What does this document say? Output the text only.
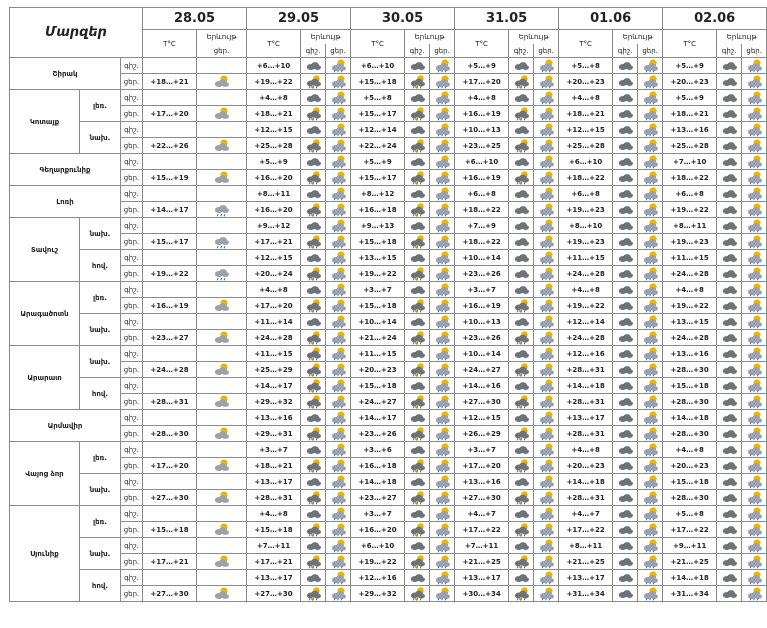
Մարզեր			28.05		29.05			30.05			31.05			01.06			02.06		
			T°C	Երևույթ	T°C	Երևույթ		T°C	Երևույթ		T°C	Երևույթ		T°C	Երևույթ		T°C	Երևույթ	
				ցեր.		գիշ.	ցեր.		գիշ.	ցեր.		գիշ.	ցեր.		գիշ.	ցեր.		գիշ.	ցեր.
Շիրակ		գիշ.			+6…+10			+6…+10			+5…+9			+5…+8			+5…+9	

		ցեր.	+18…+21		+19…+22			+15…+18			+17…+20			+20…+23			+20…+23	

Կոտայք	լեռ.	գիշ.			+4…+8			+5…+8			+4…+8			+4…+8			+5…+9	

		ցեր.	+17…+20		+18…+21			+15…+17			+16…+19			+18…+21			+18…+21	

	նախ.	գիշ.			+12…+15			+12…+14			+10…+13			+12…+15			+13…+16	

		ցեր.	+22…+26		+25…+28			+22…+24			+23…+25			+25…+28			+25…+28	

Գեղարքունիք		գիշ.			+5…+9			+5…+9			+6…+10			+6…+10			+7…+10	

		ցեր.	+15…+19		+16…+20			+15…+17			+16…+19			+18…+22			+18…+22	

Լոռի		գիշ.			+8…+11			+8…+12			+6…+8			+6…+8			+6…+8	

		ցեր.	+14…+17		+16…+20			+16…+18			+18…+22			+19…+23			+19…+22	

Տավուշ	նախ.	գիշ.			+9…+12			+9…+13			+7…+9			+8…+10			+8…+11	

		ցեր.	+15…+17		+17…+21			+15…+18			+18…+22			+19…+23			+19…+23	

	հով.	գիշ.			+12…+15			+13…+15			+10…+14			+11…+15			+11…+15	

		ցեր.	+19…+22		+20…+24			+19…+22			+23…+26			+24…+28			+24…+28	

Արագածոտն	լեռ.	գիշ.			+4…+8			+3…+7			+3…+7			+4…+8			+4…+8	

		ցեր.	+16…+19		+17…+20			+15…+18			+16…+19			+19…+22			+19…+22	

	նախ.	գիշ.			+11…+14			+10…+14			+10…+13			+12…+14			+13…+15	

		ցեր.	+23…+27		+24…+28			+21…+24			+23…+26			+24…+28			+24…+28	

Արարատ	նախ.	գիշ.			+11…+15			+11…+15			+10…+14			+12…+16			+13…+16	

		ցեր.	+24…+28		+25…+29			+20…+23			+24…+27			+28…+31			+28…+30	

	հով.	գիշ.			+14…+17			+15…+18			+14…+16			+14…+18			+15…+18	

		ցեր.	+28…+31		+29…+32			+24…+27			+27…+30			+28…+31			+28…+30	

Արմավիր		գիշ.			+13…+16			+14…+17			+12…+15			+13…+17			+14…+18	

		ցեր.	+28…+30		+29…+31			+23…+26			+26…+29			+28…+31			+28…+30	

Վայոց ձոր	լեռ.	գիշ.			+3…+7			+3…+6			+3…+7			+4…+8			+4…+8	

		ցեր.	+17…+20		+18…+21			+16…+18			+17…+20			+20…+23			+20…+23	

	նախ.	գիշ.			+13…+17			+14…+18			+13…+16			+14…+18			+15…+18	

		ցեր.	+27…+30		+28…+31			+23…+27			+27…+30			+28…+31			+28…+30	

Սյունիք	լեռ.	գիշ.			+4…+8			+3…+7			+4…+7			+4…+7			+5…+8	

		ցեր.	+15…+18		+15…+18			+16…+20			+17…+22			+17…+22			+17…+22	

	նախ.	գիշ.			+7…+11			+6…+10			+7…+11			+8…+11			+9…+11	

		ցեր.	+17…+21		+17…+21			+19…+22			+21…+25			+21…+25			+21…+25	

	հով.	գիշ.			+13…+17			+12…+16			+13…+17			+13…+17			+14…+18	

		ցեր.	+27…+30		+27…+30			+29…+32			+30…+34			+31…+34			+31…+34	
